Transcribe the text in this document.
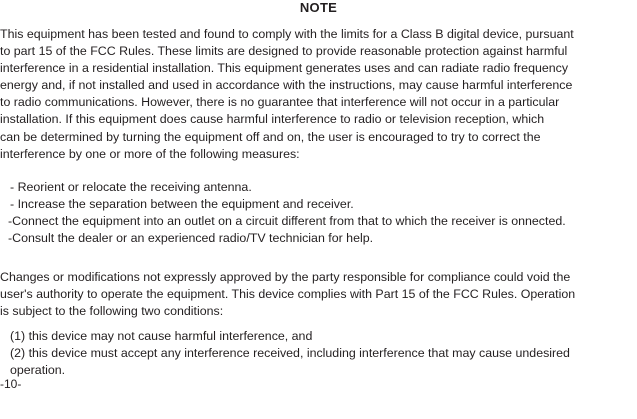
NOTE

This equipment has been tested and found to comply with the limits for a Class B digital device, pursuant
to part 15 of the FCC Rules. These limits are designed to provide reasonable protection against harmful
interference in a residential installation. This equipment generates uses and can radiate radio frequency
energy and, if not installed and used in accordance with the instructions, may cause harmful interference
to radio communications. However, there is no guarantee that interference will not occur in a particular
installation. If this equipment does cause harmful interference to radio or television reception, which
can be determined by turning the equipment off and on, the user is encouraged to try to correct the
interference by one or more of the following measures:

- Reorient or relocate the receiving antenna.
- Increase the separation between the equipment and receiver.
-Connect the equipment into an outlet on a circuit different from that to which the receiver is onnected.
-Consult the dealer or an experienced radio/TV technician for help.

Changes or modifications not expressly approved by the party responsible for compliance could void the
user's authority to operate the equipment. This device complies with Part 15 of the FCC Rules. Operation
is subject to the following two conditions:

(1) this device may not cause harmful interference, and
(2) this device must accept any interference received, including interference that may cause undesired
operation.
-10-
